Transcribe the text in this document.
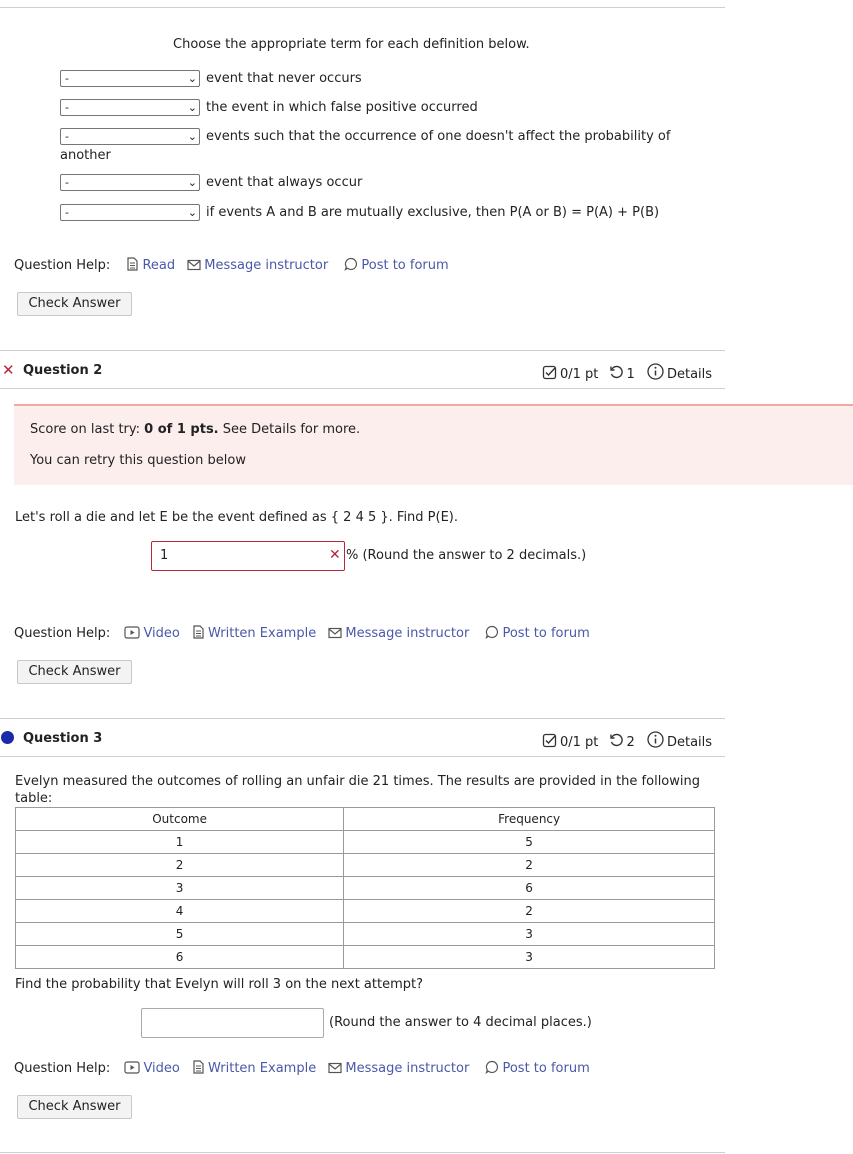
Choose the appropriate term for each definition below.
-	⌄ event that never occurs
-	⌄ the event in which false positive occurred
-	⌄ events such that the occurrence of one doesn't affect the probability of
another
-	⌄ event that always occur
-	⌄ if events A and B are mutually exclusive, then P(A or B) = P(A) + P(B)
Question Help: Read Message instructor	Post to forum
Check Answer
✕ Question 2	0/1 pt 1 Details
Score on last try: 0 of 1 pts. See Details for more.
You can retry this question below
Let's roll a die and let E be the event defined as { 2 4 5 }. Find P(E).
1	✕ % (Round the answer to 2 decimals.)
Question Help:	Video Written Example Message instructor	Post to forum
Check Answer
Question 3	0/1 pt 2 Details
Evelyn measured the outcomes of rolling an unfair die 21 times. The results are provided in the following
table:
Outcome	Frequency
1	5
2	2
3	6
4	2
5	3
6	3
Find the probability that Evelyn will roll 3 on the next attempt?
(Round the answer to 4 decimal places.)
Question Help:	Video Written Example Message instructor	Post to forum
Check Answer
